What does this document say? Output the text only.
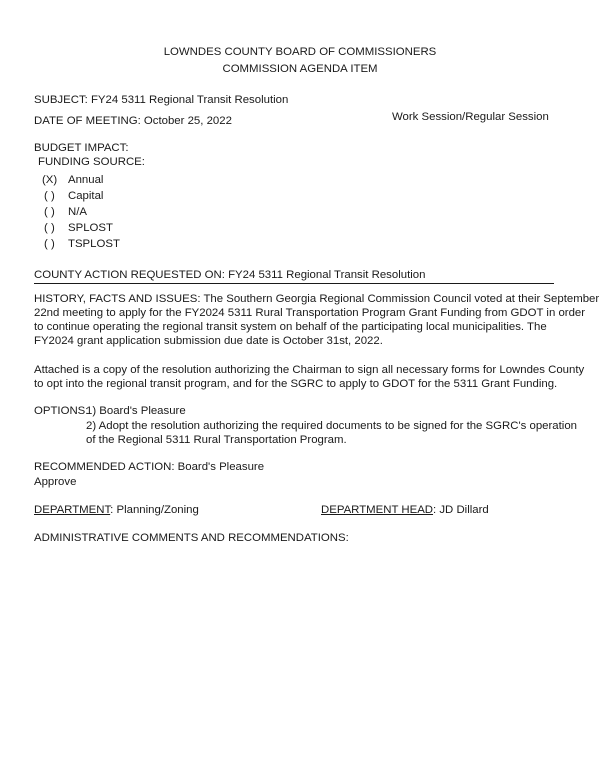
LOWNDES COUNTY BOARD OF COMMISSIONERS
COMMISSION AGENDA ITEM
SUBJECT: FY24 5311 Regional Transit Resolution
DATE OF MEETING: October 25, 2022	Work Session/Regular Session
BUDGET IMPACT:
FUNDING SOURCE:
(X) Annual
( ) Capital
( ) N/A
( ) SPLOST
( ) TSPLOST
COUNTY ACTION REQUESTED ON: FY24 5311 Regional Transit Resolution
HISTORY, FACTS AND ISSUES: The Southern Georgia Regional Commission Council voted at their September
22nd meeting to apply for the FY2024 5311 Rural Transportation Program Grant Funding from GDOT in order
to continue operating the regional transit system on behalf of the participating local municipalities. The
FY2024 grant application submission due date is October 31st, 2022.
Attached is a copy of the resolution authorizing the Chairman to sign all necessary forms for Lowndes County
to opt into the regional transit program, and for the SGRC to apply to GDOT for the 5311 Grant Funding.
OPTIONS:
1) Board's Pleasure
2) Adopt the resolution authorizing the required documents to be signed for the SGRC's operation
of the Regional 5311 Rural Transportation Program.
RECOMMENDED ACTION: Board's Pleasure
Approve
DEPARTMENT: Planning/Zoning	DEPARTMENT HEAD: JD Dillard
ADMINISTRATIVE COMMENTS AND RECOMMENDATIONS:
